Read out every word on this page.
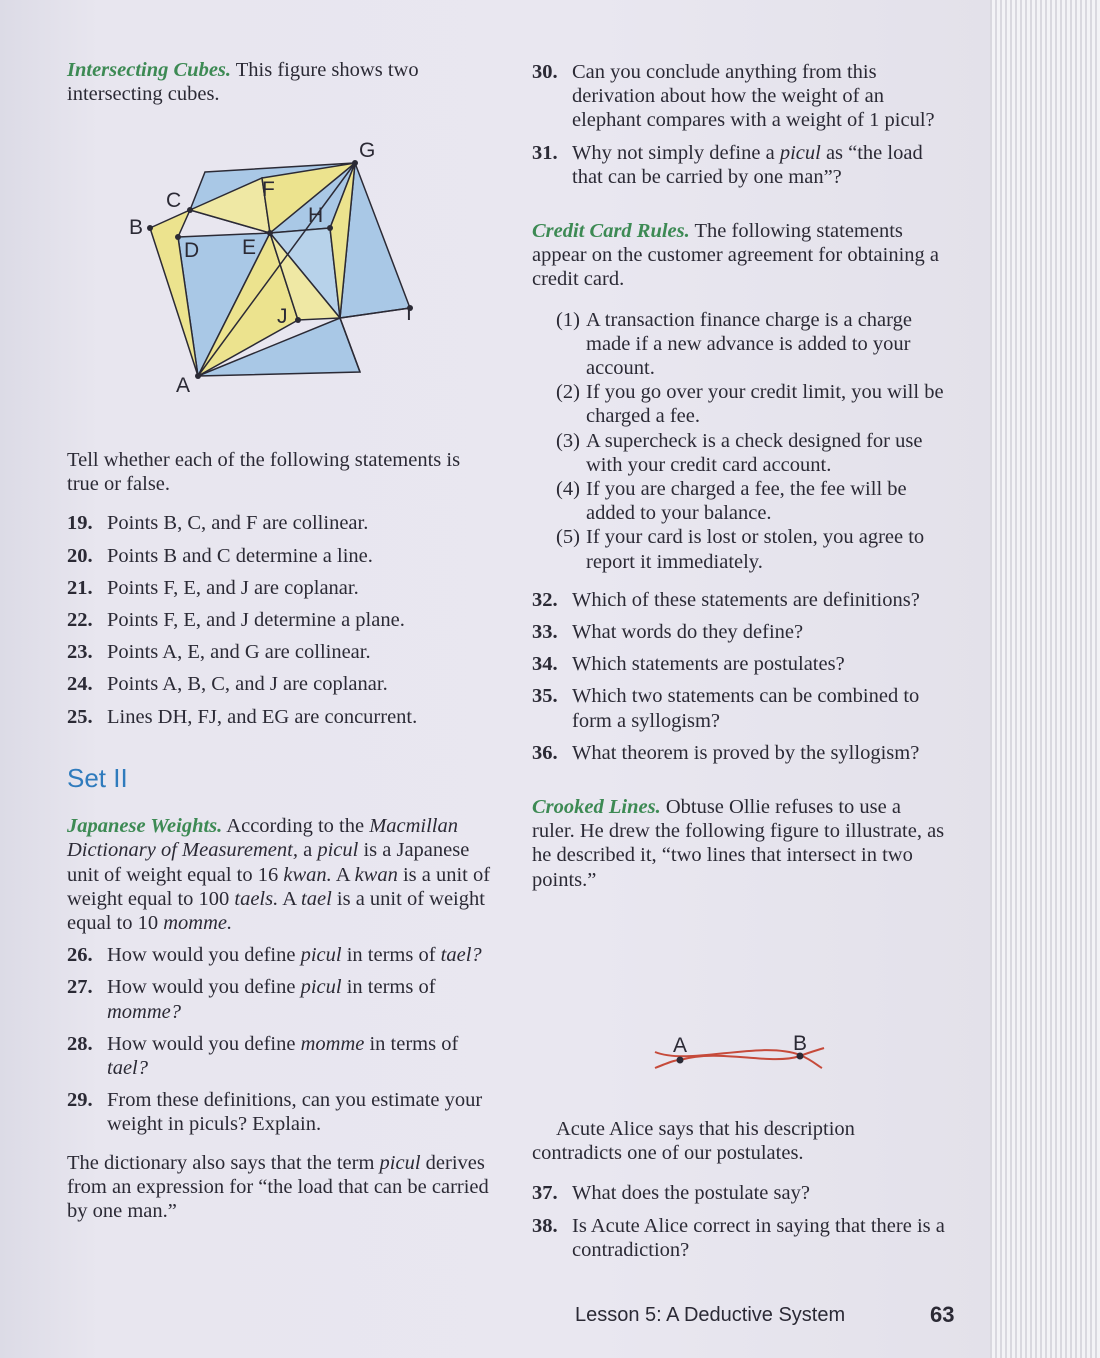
Intersecting Cubes. This figure shows two intersecting cubes.

A
B
C
D E
F
G
H
I
J

Tell whether each of the following statements is true or false.

19. Points B, C, and F are collinear.

20. Points B and C determine a line.

21. Points F, E, and J are coplanar.

22. Points F, E, and J determine a plane.

23. Points A, E, and G are collinear.

24. Points A, B, C, and J are coplanar.

25. Lines DH, FJ, and EG are concurrent.

Set II

Japanese Weights. According to the Macmillan Dictionary of Measurement, a picul is a Japanese unit of weight equal to 16 kwan. A kwan is a unit of weight equal to 100 taels. A tael is a unit of weight equal to 10 momme.

26. How would you define picul in terms of tael?

27. How would you define picul in terms of momme?

28. How would you define momme in terms of tael?

29. From these definitions, can you estimate your weight in piculs? Explain.

The dictionary also says that the term picul derives from an expression for “the load that can be carried by one man.”

30. Can you conclude anything from this derivation about how the weight of an elephant compares with a weight of 1 picul?

31. Why not simply define a picul as “the load that can be carried by one man”?

Credit Card Rules. The following statements appear on the customer agreement for obtaining a credit card.

(1) A transaction finance charge is a charge made if a new advance is added to your account.

(2) If you go over your credit limit, you will be charged a fee.

(3) A supercheck is a check designed for use with your credit card account.

(4) If you are charged a fee, the fee will be added to your balance.

(5) If your card is lost or stolen, you agree to report it immediately.

32. Which of these statements are definitions?

33. What words do they define?

34. Which statements are postulates?

35. Which two statements can be combined to form a syllogism?

36. What theorem is proved by the syllogism?

Crooked Lines. Obtuse Ollie refuses to use a ruler. He drew the following figure to illustrate, as he described it, “two lines that intersect in two points.”

A	B

Acute Alice says that his description contradicts one of our postulates.

37. What does the postulate say?

38. Is Acute Alice correct in saying that there is a contradiction?

Lesson 5: A Deductive System	63
